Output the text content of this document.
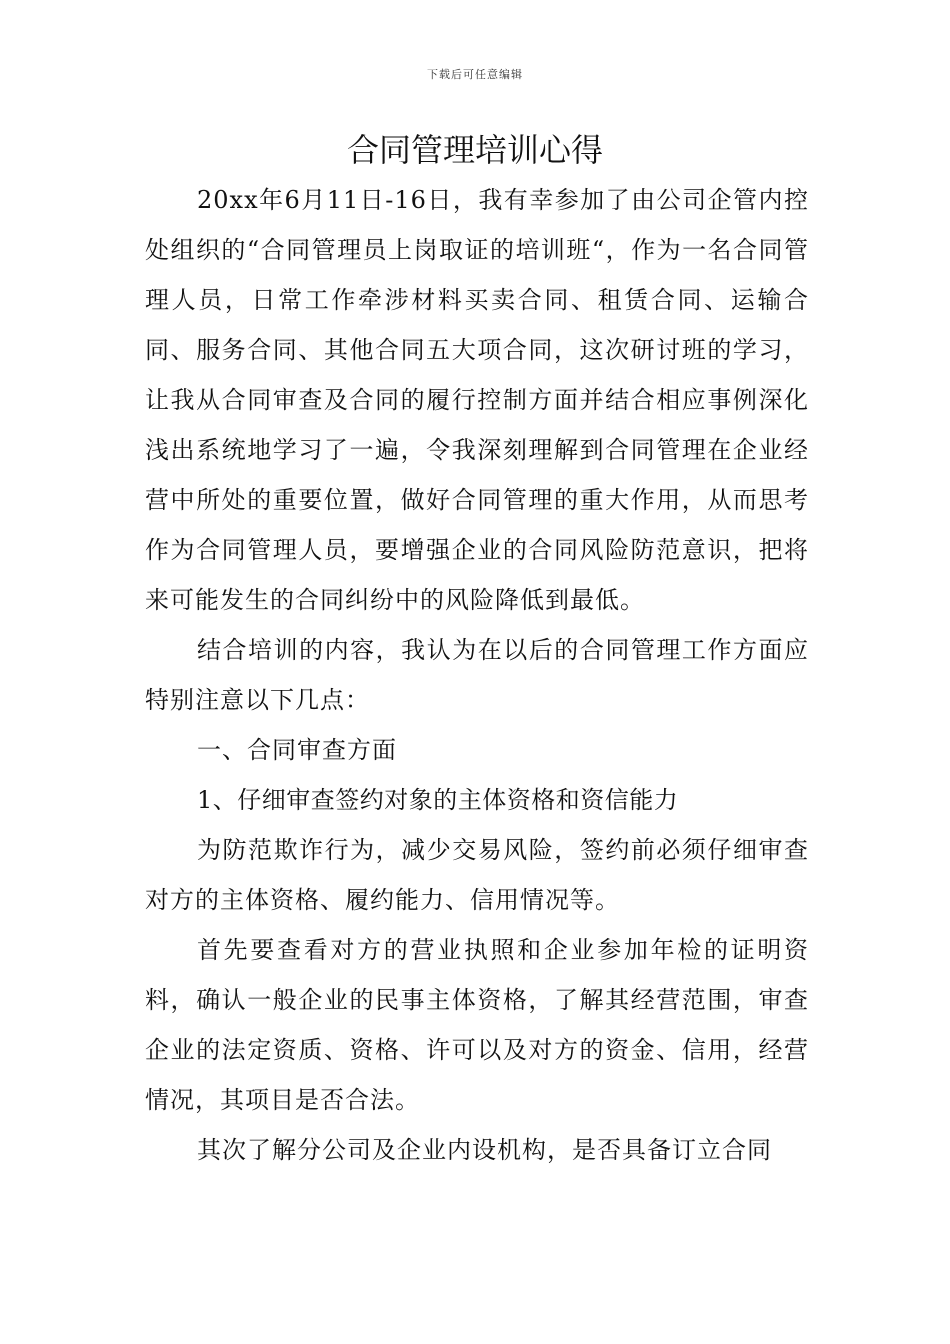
下载后可任意编辑
合同管理培训心得

20xx年6月11日-16日，我有幸参加了由公司企管内控处组织的“合同管理员上岗取证的培训班“，作为一名合同管理人员，日常工作牵涉材料买卖合同、租赁合同、运输合同、服务合同、其他合同五大项合同，这次研讨班的学习，让我从合同审查及合同的履行控制方面并结合相应事例深化浅出系统地学习了一遍，令我深刻理解到合同管理在企业经营中所处的重要位置，做好合同管理的重大作用，从而思考作为合同管理人员，要增强企业的合同风险防范意识，把将来可能发生的合同纠纷中的风险降低到最低。

结合培训的内容，我认为在以后的合同管理工作方面应特别注意以下几点：

一、合同审查方面

1、仔细审查签约对象的主体资格和资信能力

为防范欺诈行为，减少交易风险，签约前必须仔细审查对方的主体资格、履约能力、信用情况等。

首先要查看对方的营业执照和企业参加年检的证明资料，确认一般企业的民事主体资格，了解其经营范围，审查企业的法定资质、资格、许可以及对方的资金、信用，经营情况，其项目是否合法。

其次了解分公司及企业内设机构，是否具备订立合同
